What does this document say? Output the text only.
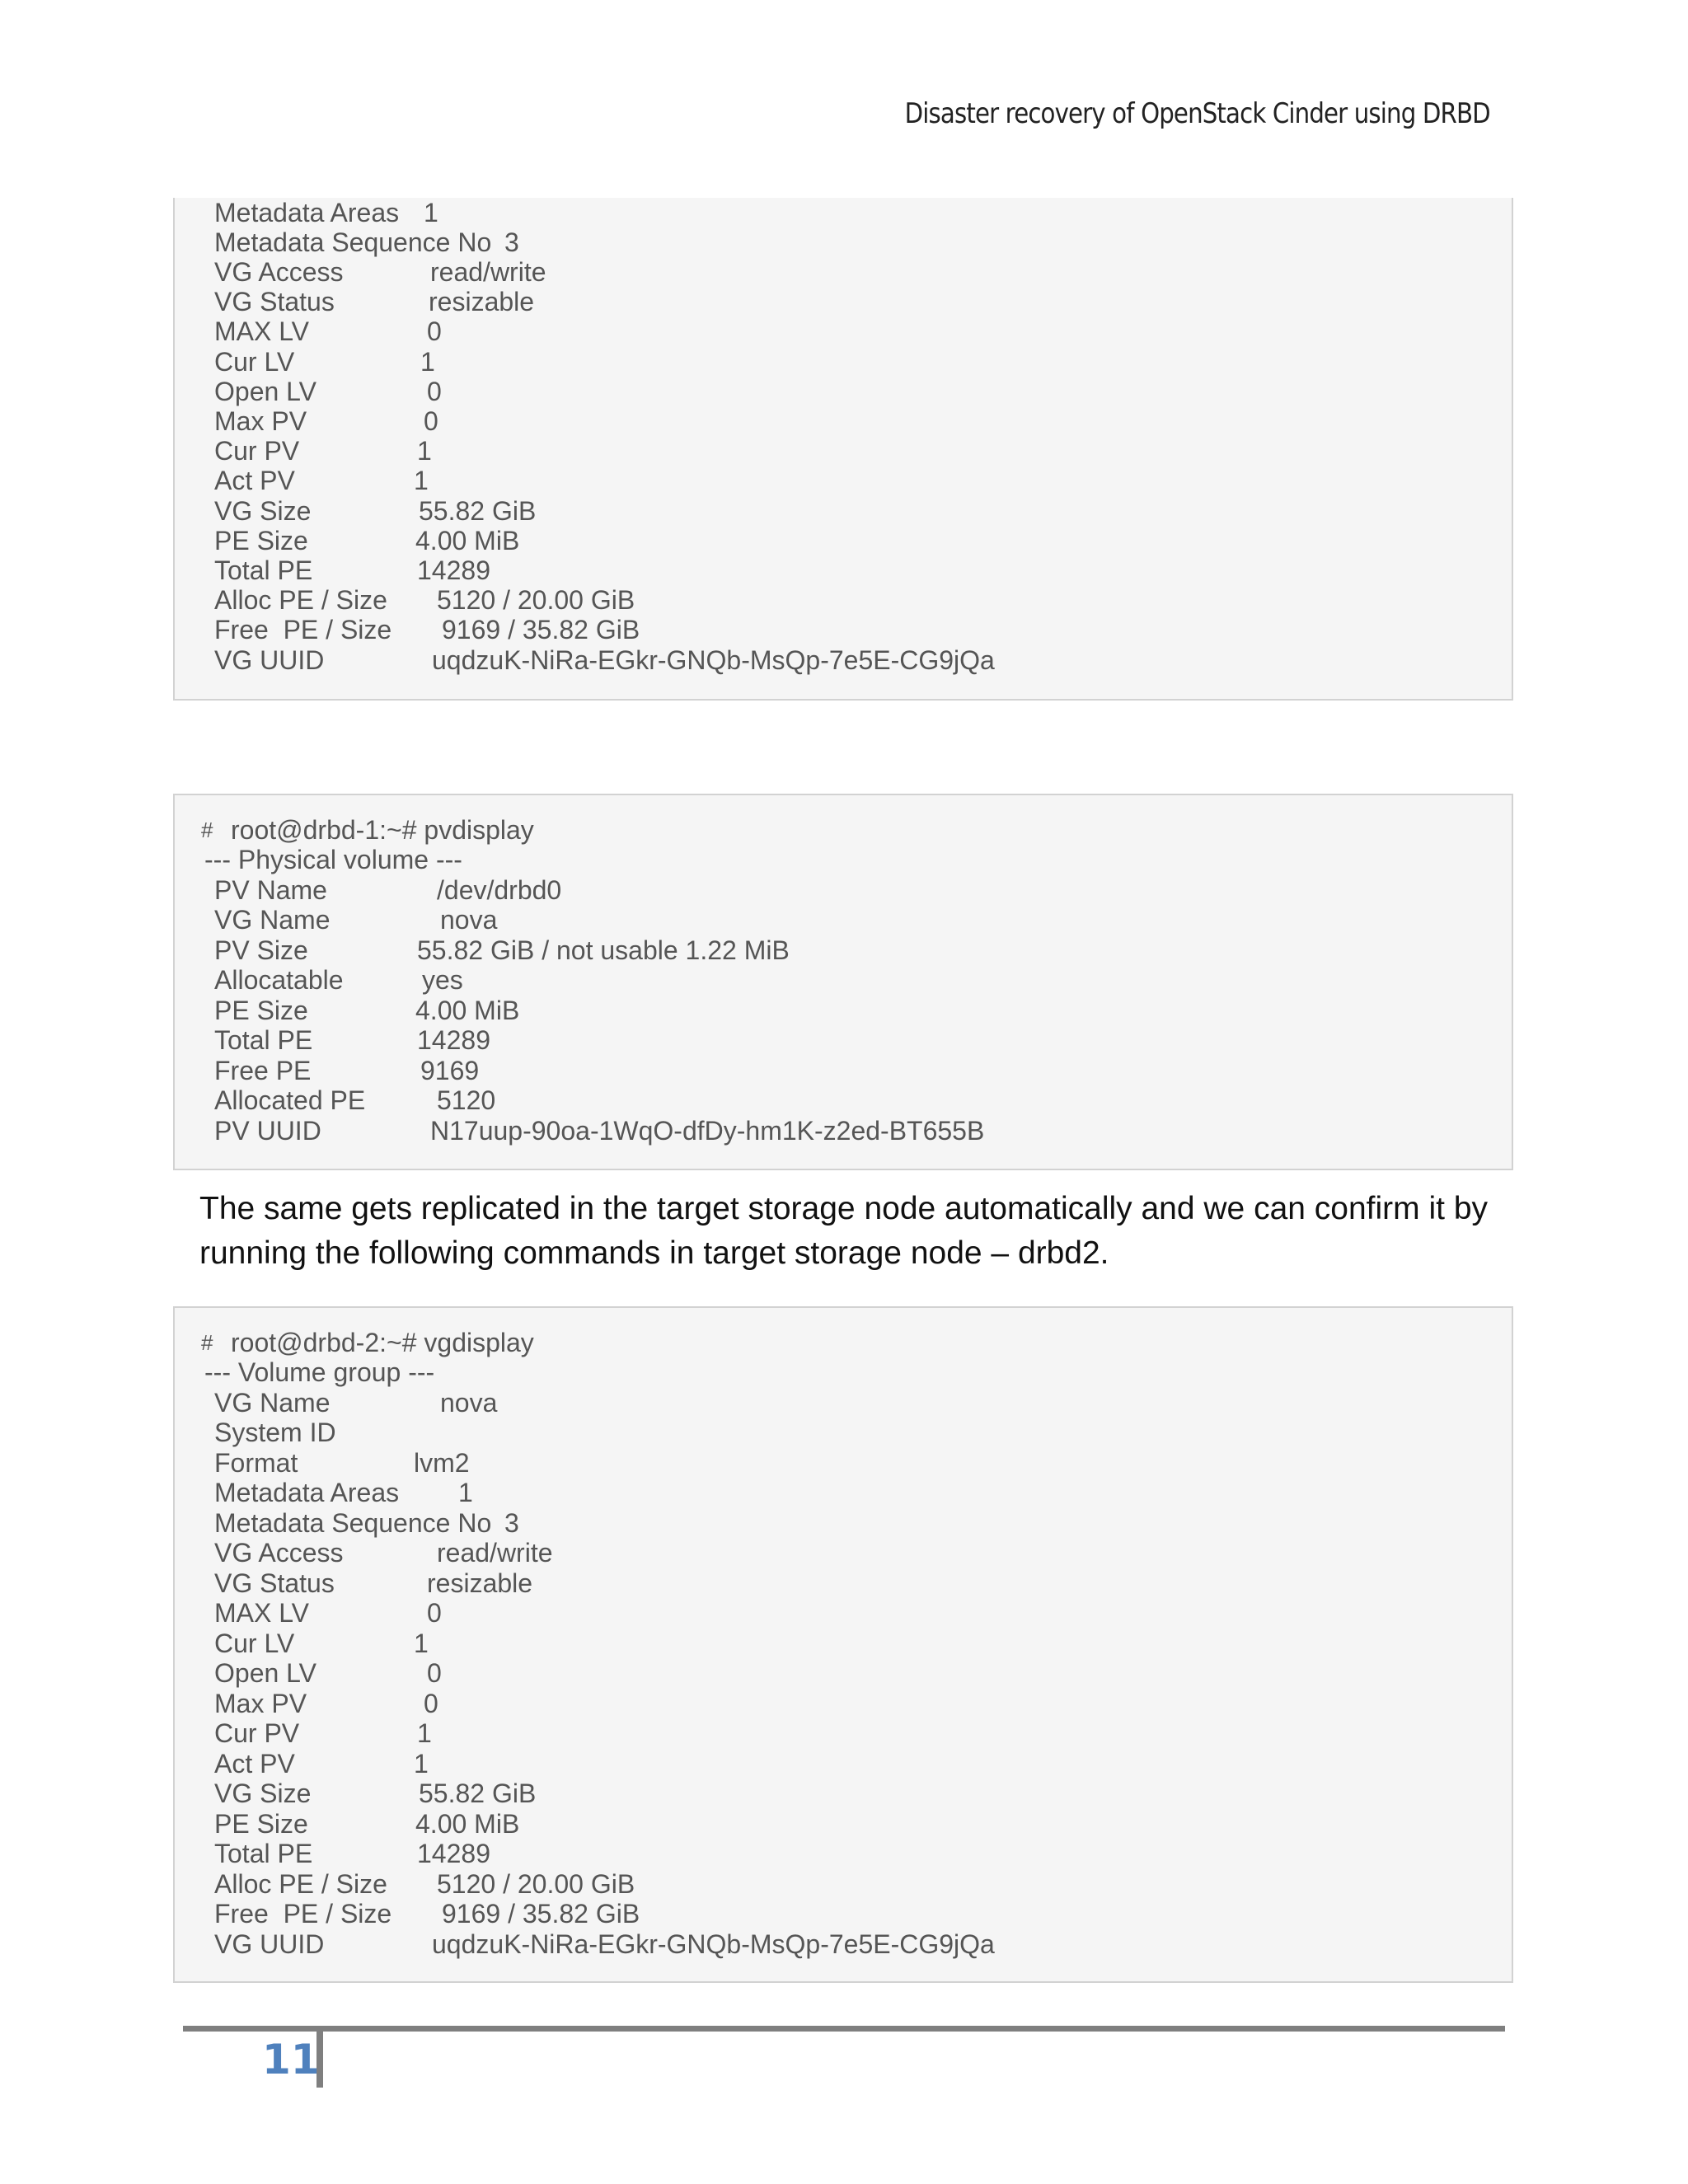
Disaster recovery of OpenStack Cinder using DRBD
Metadata Areas 1
Metadata Sequence No 3
VG Access	read/write
VG Status	resizable
MAX LV	0
Cur LV	1
Open LV	0
Max PV	0
Cur PV	1
Act PV	1
VG Size	55.82 GiB
PE Size	4.00 MiB
Total PE	14289
Alloc PE / Size 5120 / 20.00 GiB
Free  PE / Size 9169 / 35.82 GiB
VG UUID	uqdzuK-NiRa-EGkr-GNQb-MsQp-7e5E-CG9jQa
# root@drbd-1:~# pvdisplay
--- Physical volume ---
PV Name	/dev/drbd0
VG Name	nova
PV Size	55.82 GiB / not usable 1.22 MiB
Allocatable	yes
PE Size	4.00 MiB
Total PE	14289
Free PE	9169
Allocated PE	5120
PV UUID	N17uup-90oa-1WqO-dfDy-hm1K-z2ed-BT655B
The same gets replicated in the target storage node automatically and we can confirm it by running the following commands in target storage node – drbd2.
# root@drbd-2:~# vgdisplay
--- Volume group ---
VG Name	nova
System ID
Format	lvm2
Metadata Areas 1
Metadata Sequence No 3
VG Access	read/write
VG Status	resizable
MAX LV	0
Cur LV	1
Open LV	0
Max PV	0
Cur PV	1
Act PV	1
VG Size	55.82 GiB
PE Size	4.00 MiB
Total PE	14289
Alloc PE / Size 5120 / 20.00 GiB
Free  PE / Size 9169 / 35.82 GiB
VG UUID	uqdzuK-NiRa-EGkr-GNQb-MsQp-7e5E-CG9jQa
11
